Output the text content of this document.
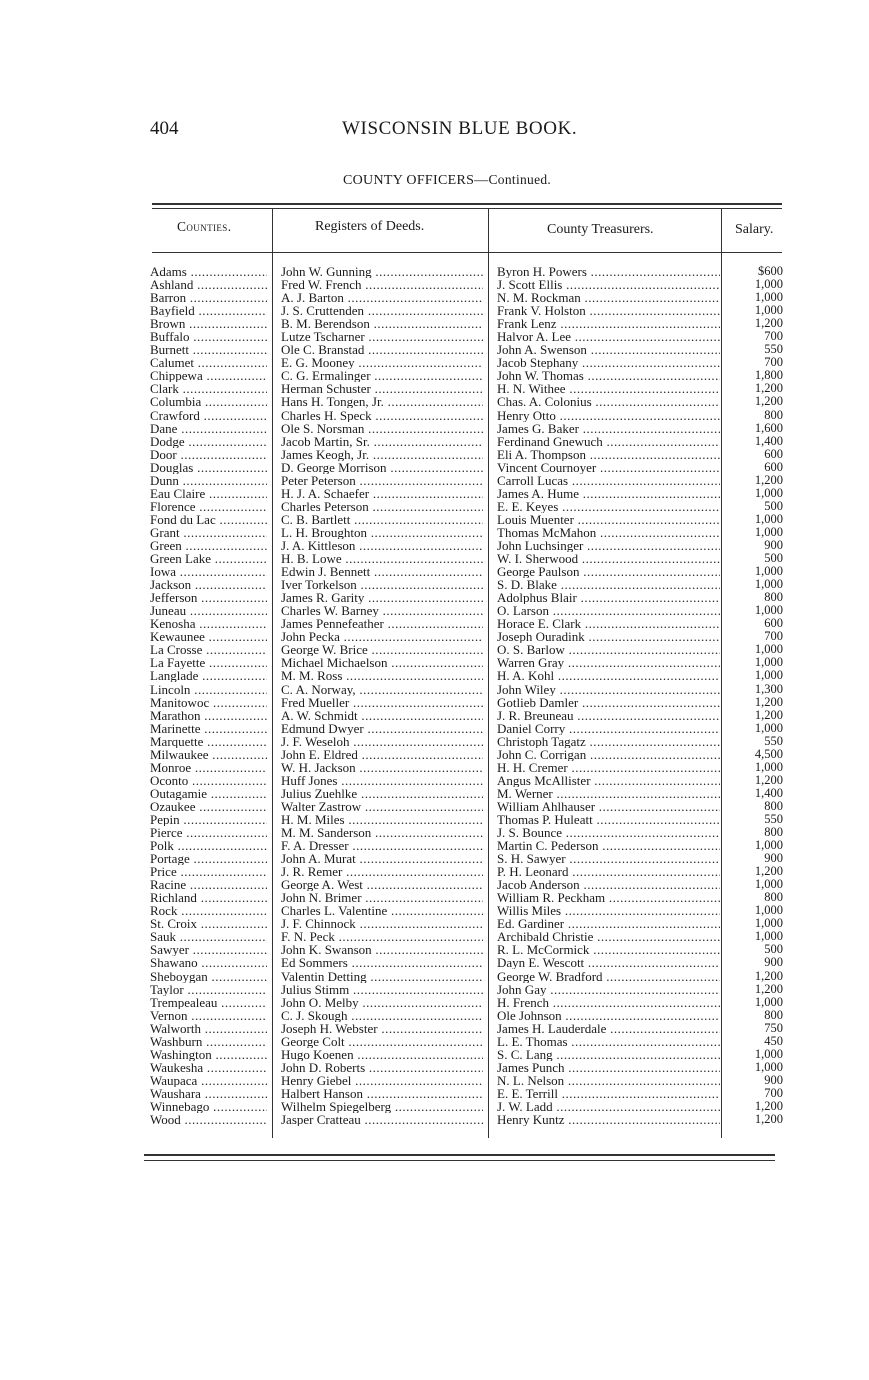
404	WISCONSIN BLUE BOOK.
COUNTY OFFICERS—Continued.
Counties.	Registers of Deeds.	County Treasurers.	Salary.
Adams .....	John W. Gunning .....	Byron H. Powers .....	$600
Ashland .....	Fred W. French .....	J. Scott Ellis .....	1,000
Barron .....	A. J. Barton .....	N. M. Rockman .....	1,000
Bayfield .....	J. S. Cruttenden .....	Frank V. Holston .....	1,000
Brown .....	B. M. Berendson .....	Frank Lenz .....	1,200
Buffalo .....	Lutze Tscharner .....	Halvor A. Lee .....	700
Burnett .....	Ole C. Branstad .....	John A. Swenson .....	550
Calumet .....	E. G. Mooney .....	Jacob Stephany .....	700
Chippewa .....	C. G. Ermalinger .....	John W. Thomas .....	1,800
Clark .....	Herman Schuster .....	H. N. Withee .....	1,200
Columbia .....	Hans H. Tongen, Jr. .....	Chas. A. Colonius .....	1,200
Crawford .....	Charles H. Speck .....	Henry Otto .....	800
Dane .....	Ole S. Norsman .....	James G. Baker .....	1,600
Dodge .....	Jacob Martin, Sr. .....	Ferdinand Gnewuch .....	1,400
Door .....	James Keogh, Jr. .....	Eli A. Thompson .....	600
Douglas .....	D. George Morrison .....	Vincent Cournoyer .....	600
Dunn .....	Peter Peterson .....	Carroll Lucas .....	1,200
Eau Claire .....	H. J. A. Schaefer .....	James A. Hume .....	1,000
Florence .....	Charles Peterson .....	E. E. Keyes .....	500
Fond du Lac .....	C. B. Bartlett .....	Louis Muenter .....	1,000
Grant .....	L. H. Broughton .....	Thomas McMahon .....	1,000
Green .....	J. A. Kittleson .....	John Luchsinger .....	900
Green Lake .....	H. B. Lowe .....	W. I. Sherwood .....	500
Iowa .....	Edwin J. Bennett .....	George Paulson .....	1,000
Jackson .....	Iver Torkelson .....	S. D. Blake .....	1,000
Jefferson .....	James R. Garity .....	Adolphus Blair .....	800
Juneau .....	Charles W. Barney .....	O. Larson .....	1,000
Kenosha .....	James Pennefeather .....	Horace E. Clark .....	600
Kewaunee .....	John Pecka .....	Joseph Ouradink .....	700
La Crosse .....	George W. Brice .....	O. S. Barlow .....	1,000
La Fayette .....	Michael Michaelson .....	Warren Gray .....	1,000
Langlade .....	M. M. Ross .....	H. A. Kohl .....	1,000
Lincoln .....	C. A. Norway, .....	John Wiley .....	1,300
Manitowoc .....	Fred Mueller .....	Gotlieb Damler .....	1,200
Marathon .....	A. W. Schmidt .....	J. R. Breuneau .....	1,200
Marinette .....	Edmund Dwyer .....	Daniel Corry .....	1,000
Marquette .....	J. F. Weseloh .....	Christoph Tagatz .....	550
Milwaukee .....	John E. Eldred .....	John C. Corrigan .....	4,500
Monroe .....	W. H. Jackson .....	H. H. Cremer .....	1,000
Oconto .....	Huff Jones .....	Angus McAllister .....	1,200
Outagamie .....	Julius Zuehlke .....	M. Werner .....	1,400
Ozaukee .....	Walter Zastrow .....	William Ahlhauser .....	800
Pepin .....	H. M. Miles .....	Thomas P. Huleatt .....	550
Pierce .....	M. M. Sanderson .....	J. S. Bounce .....	800
Polk .....	F. A. Dresser .....	Martin C. Pederson .....	1,000
Portage .....	John A. Murat .....	S. H. Sawyer .....	900
Price .....	J. R. Remer .....	P. H. Leonard .....	1,200
Racine .....	George A. West .....	Jacob Anderson .....	1,000
Richland .....	John N. Brimer .....	William R. Peckham .....	800
Rock .....	Charles L. Valentine .....	Willis Miles .....	1,000
St. Croix .....	J. F. Chinnock .....	Ed. Gardiner .....	1,000
Sauk .....	F. N. Peck .....	Archibald Christie .....	1,000
Sawyer .....	John K. Swanson .....	R. L. McCormick .....	500
Shawano .....	Ed Sommers .....	Dayn E. Wescott .....	900
Sheboygan .....	Valentin Detting .....	George W. Bradford .....	1,200
Taylor .....	Julius Stimm .....	John Gay .....	1,200
Trempealeau .....	John O. Melby .....	H. French .....	1,000
Vernon .....	C. J. Skough .....	Ole Johnson .....	800
Walworth .....	Joseph H. Webster .....	James H. Lauderdale .....	750
Washburn .....	George Colt .....	L. E. Thomas .....	450
Washington .....	Hugo Koenen .....	S. C. Lang .....	1,000
Waukesha .....	John D. Roberts .....	James Punch .....	1,000
Waupaca .....	Henry Giebel .....	N. L. Nelson .....	900
Waushara .....	Halbert Hanson .....	E. E. Terrill .....	700
Winnebago .....	Wilhelm Spiegelberg .....	J. W. Ladd .....	1,200
Wood .....	Jasper Cratteau .....	Henry Kuntz .....	1,200
